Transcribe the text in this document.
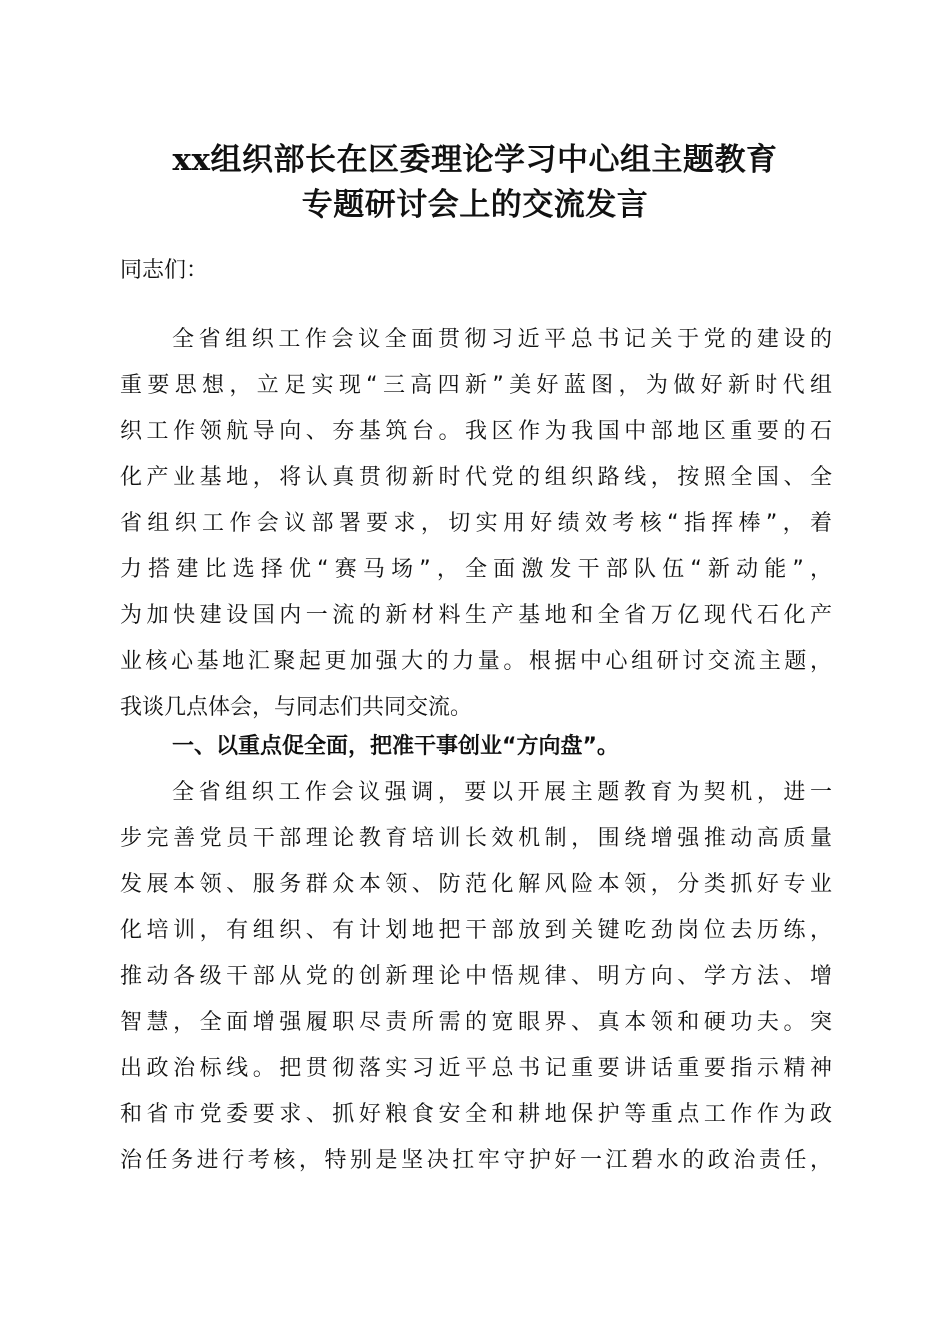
xx组织部长在区委理论学习中心组主题教育
专题研讨会上的交流发言

同志们：

全省组织工作会议全面贯彻习近平总书记关于党的建设的
重要思想，立足实现“三高四新”美好蓝图，为做好新时代组
织工作领航导向、夯基筑台。我区作为我国中部地区重要的石
化产业基地，将认真贯彻新时代党的组织路线，按照全国、全
省组织工作会议部署要求，切实用好绩效考核“指挥棒”，着
力搭建比选择优“赛马场”，全面激发干部队伍“新动能”，
为加快建设国内一流的新材料生产基地和全省万亿现代石化产
业核心基地汇聚起更加强大的力量。根据中心组研讨交流主题，
我谈几点体会，与同志们共同交流。
一、以重点促全面，把准干事创业“方向盘”。
全省组织工作会议强调，要以开展主题教育为契机，进一
步完善党员干部理论教育培训长效机制，围绕增强推动高质量
发展本领、服务群众本领、防范化解风险本领，分类抓好专业
化培训，有组织、有计划地把干部放到关键吃劲岗位去历练，
推动各级干部从党的创新理论中悟规律、明方向、学方法、增
智慧，全面增强履职尽责所需的宽眼界、真本领和硬功夫。突
出政治标线。把贯彻落实习近平总书记重要讲话重要指示精神
和省市党委要求、抓好粮食安全和耕地保护等重点工作作为政
治任务进行考核，特别是坚决扛牢守护好一江碧水的政治责任，
